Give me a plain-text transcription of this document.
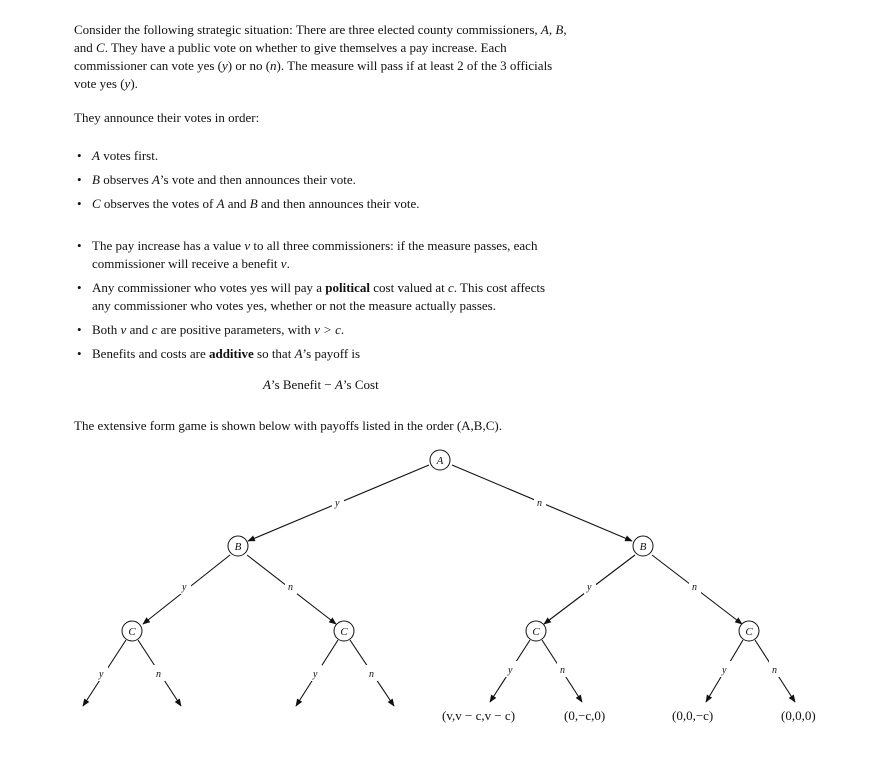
Consider the following strategic situation: There are three elected county commissioners, A, B, and C. They have a public vote on whether to give themselves a pay increase. Each commissioner can vote yes (y) or no (n). The measure will pass if at least 2 of the 3 officials vote yes (y).

They announce their votes in order:

• A votes first.
• B observes A’s vote and then announces their vote.
• C observes the votes of A and B and then announces their vote.
• The pay increase has a value v to all three commissioners: if the measure passes, each commissioner will receive a benefit v.
• Any commissioner who votes yes will pay a political cost valued at c. This cost affects any commissioner who votes yes, whether or not the measure actually passes.
• Both v and c are positive parameters, with v > c.
• Benefits and costs are additive so that A’s payoff is

A’s Benefit − A’s Cost

The extensive form game is shown below with payoffs listed in the order (A,B,C).

y	n
y	n	y	n
y	n	y	n	y	n	y	n
A
B	B
C	C	C	C
(v,v − c,v − c)	(0,−c,0)	(0,0,−c)	(0,0,0)
